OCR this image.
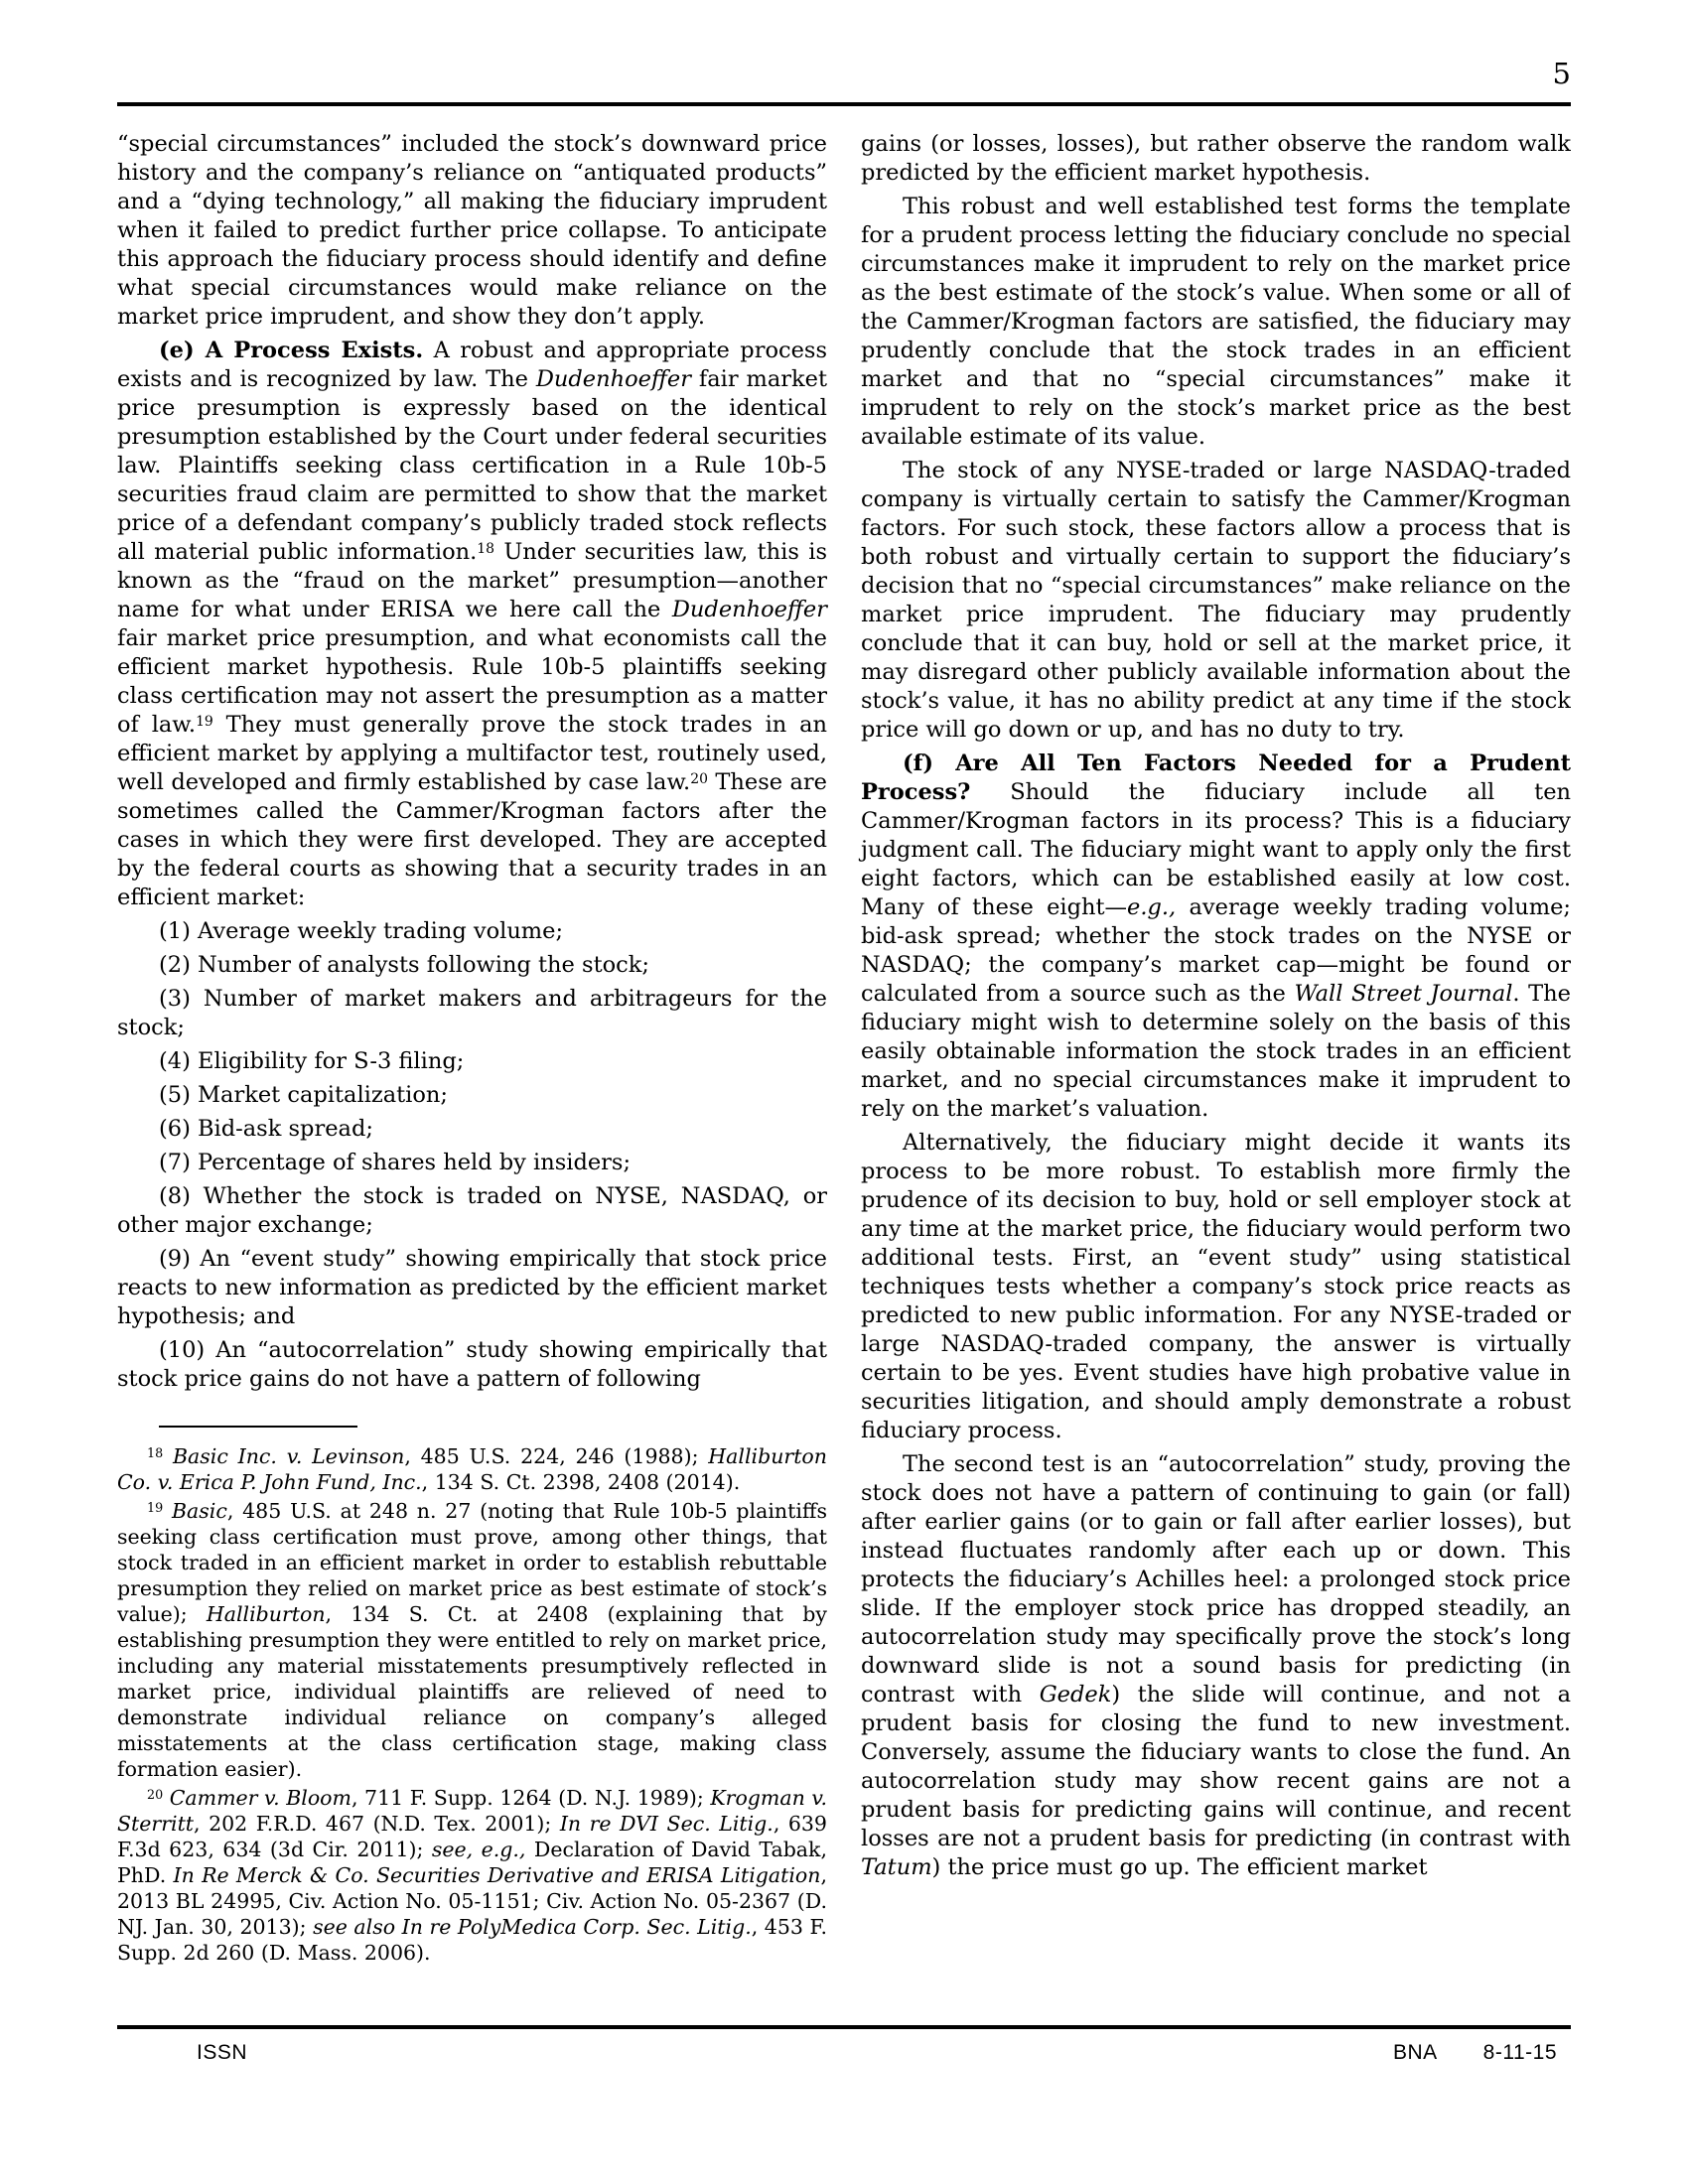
5

“special circumstances” included the stock’s downward price history and the company’s reliance on “antiquated products” and a “dying technology,” all making the fiduciary imprudent when it failed to predict further price collapse. To anticipate this approach the fiduciary process should identify and define what special circumstances would make reliance on the market price imprudent, and show they don’t apply.

(e) A Process Exists. A robust and appropriate process exists and is recognized by law. The Dudenhoeffer fair market price presumption is expressly based on the identical presumption established by the Court under federal securities law. Plaintiffs seeking class certification in a Rule 10b-5 securities fraud claim are permitted to show that the market price of a defendant company’s publicly traded stock reflects all material public information.$^{18}$ Under securities law, this is known as the “fraud on the market” presumption—another name for what under ERISA we here call the Dudenhoeffer fair market price presumption, and what economists call the efficient market hypothesis. Rule 10b-5 plaintiffs seeking class certification may not assert the presumption as a matter of law.$^{19}$ They must generally prove the stock trades in an efficient market by applying a multifactor test, routinely used, well developed and firmly established by case law.$^{20}$ These are sometimes called the Cammer/Krogman factors after the cases in which they were first developed. They are accepted by the federal courts as showing that a security trades in an efficient market:

(1) Average weekly trading volume;

(2) Number of analysts following the stock;

(3) Number of market makers and arbitrageurs for the stock;

(4) Eligibility for S-3 filing;

(5) Market capitalization;

(6) Bid-ask spread;

(7) Percentage of shares held by insiders;

(8) Whether the stock is traded on NYSE, NASDAQ, or other major exchange;

(9) An “event study” showing empirically that stock price reacts to new information as predicted by the efficient market hypothesis; and

(10) An “autocorrelation” study showing empirically that stock price gains do not have a pattern of following

$^{18}$ Basic Inc. v. Levinson, 485 U.S. 224, 246 (1988); Halliburton Co. v. Erica P. John Fund, Inc., 134 S. Ct. 2398, 2408 (2014).

$^{19}$ Basic, 485 U.S. at 248 n. 27 (noting that Rule 10b-5 plaintiffs seeking class certification must prove, among other things, that stock traded in an efficient market in order to establish rebuttable presumption they relied on market price as best estimate of stock’s value); Halliburton, 134 S. Ct. at 2408 (explaining that by establishing presumption they were entitled to rely on market price, including any material misstatements presumptively reflected in market price, individual plaintiffs are relieved of need to demonstrate individual reliance on company’s alleged misstatements at the class certification stage, making class formation easier).

$^{20}$ Cammer v. Bloom, 711 F. Supp. 1264 (D. N.J. 1989); Krogman v. Sterritt, 202 F.R.D. 467 (N.D. Tex. 2001); In re DVI Sec. Litig., 639 F.3d 623, 634 (3d Cir. 2011); see, e.g., Declaration of David Tabak, PhD. In Re Merck & Co. Securities Derivative and ERISA Litigation, 2013 BL 24995, Civ. Action No. 05-1151; Civ. Action No. 05-2367 (D. NJ. Jan. 30, 2013); see also In re PolyMedica Corp. Sec. Litig., 453 F. Supp. 2d 260 (D. Mass. 2006).

gains (or losses, losses), but rather observe the random walk predicted by the efficient market hypothesis.

This robust and well established test forms the template for a prudent process letting the fiduciary conclude no special circumstances make it imprudent to rely on the market price as the best estimate of the stock’s value. When some or all of the Cammer/Krogman factors are satisfied, the fiduciary may prudently conclude that the stock trades in an efficient market and that no “special circumstances” make it imprudent to rely on the stock’s market price as the best available estimate of its value.

The stock of any NYSE-traded or large NASDAQ-traded company is virtually certain to satisfy the Cammer/Krogman factors. For such stock, these factors allow a process that is both robust and virtually certain to support the fiduciary’s decision that no “special circumstances” make reliance on the market price imprudent. The fiduciary may prudently conclude that it can buy, hold or sell at the market price, it may disregard other publicly available information about the stock’s value, it has no ability predict at any time if the stock price will go down or up, and has no duty to try.

(f) Are All Ten Factors Needed for a Prudent Process? Should the fiduciary include all ten Cammer/Krogman factors in its process? This is a fiduciary judgment call. The fiduciary might want to apply only the first eight factors, which can be established easily at low cost. Many of these eight—e.g., average weekly trading volume; bid-ask spread; whether the stock trades on the NYSE or NASDAQ; the company’s market cap—might be found or calculated from a source such as the Wall Street Journal. The fiduciary might wish to determine solely on the basis of this easily obtainable information the stock trades in an efficient market, and no special circumstances make it imprudent to rely on the market’s valuation.

Alternatively, the fiduciary might decide it wants its process to be more robust. To establish more firmly the prudence of its decision to buy, hold or sell employer stock at any time at the market price, the fiduciary would perform two additional tests. First, an “event study” using statistical techniques tests whether a company’s stock price reacts as predicted to new public information. For any NYSE-traded or large NASDAQ-traded company, the answer is virtually certain to be yes. Event studies have high probative value in securities litigation, and should amply demonstrate a robust fiduciary process.

The second test is an “autocorrelation” study, proving the stock does not have a pattern of continuing to gain (or fall) after earlier gains (or to gain or fall after earlier losses), but instead fluctuates randomly after each up or down. This protects the fiduciary’s Achilles heel: a prolonged stock price slide. If the employer stock price has dropped steadily, an autocorrelation study may specifically prove the stock’s long downward slide is not a sound basis for predicting (in contrast with Gedek) the slide will continue, and not a prudent basis for closing the fund to new investment. Conversely, assume the fiduciary wants to close the fund. An autocorrelation study may show recent gains are not a prudent basis for predicting gains will continue, and recent losses are not a prudent basis for predicting (in contrast with Tatum) the price must go up. The efficient market

ISSN	BNA 8-11-15
